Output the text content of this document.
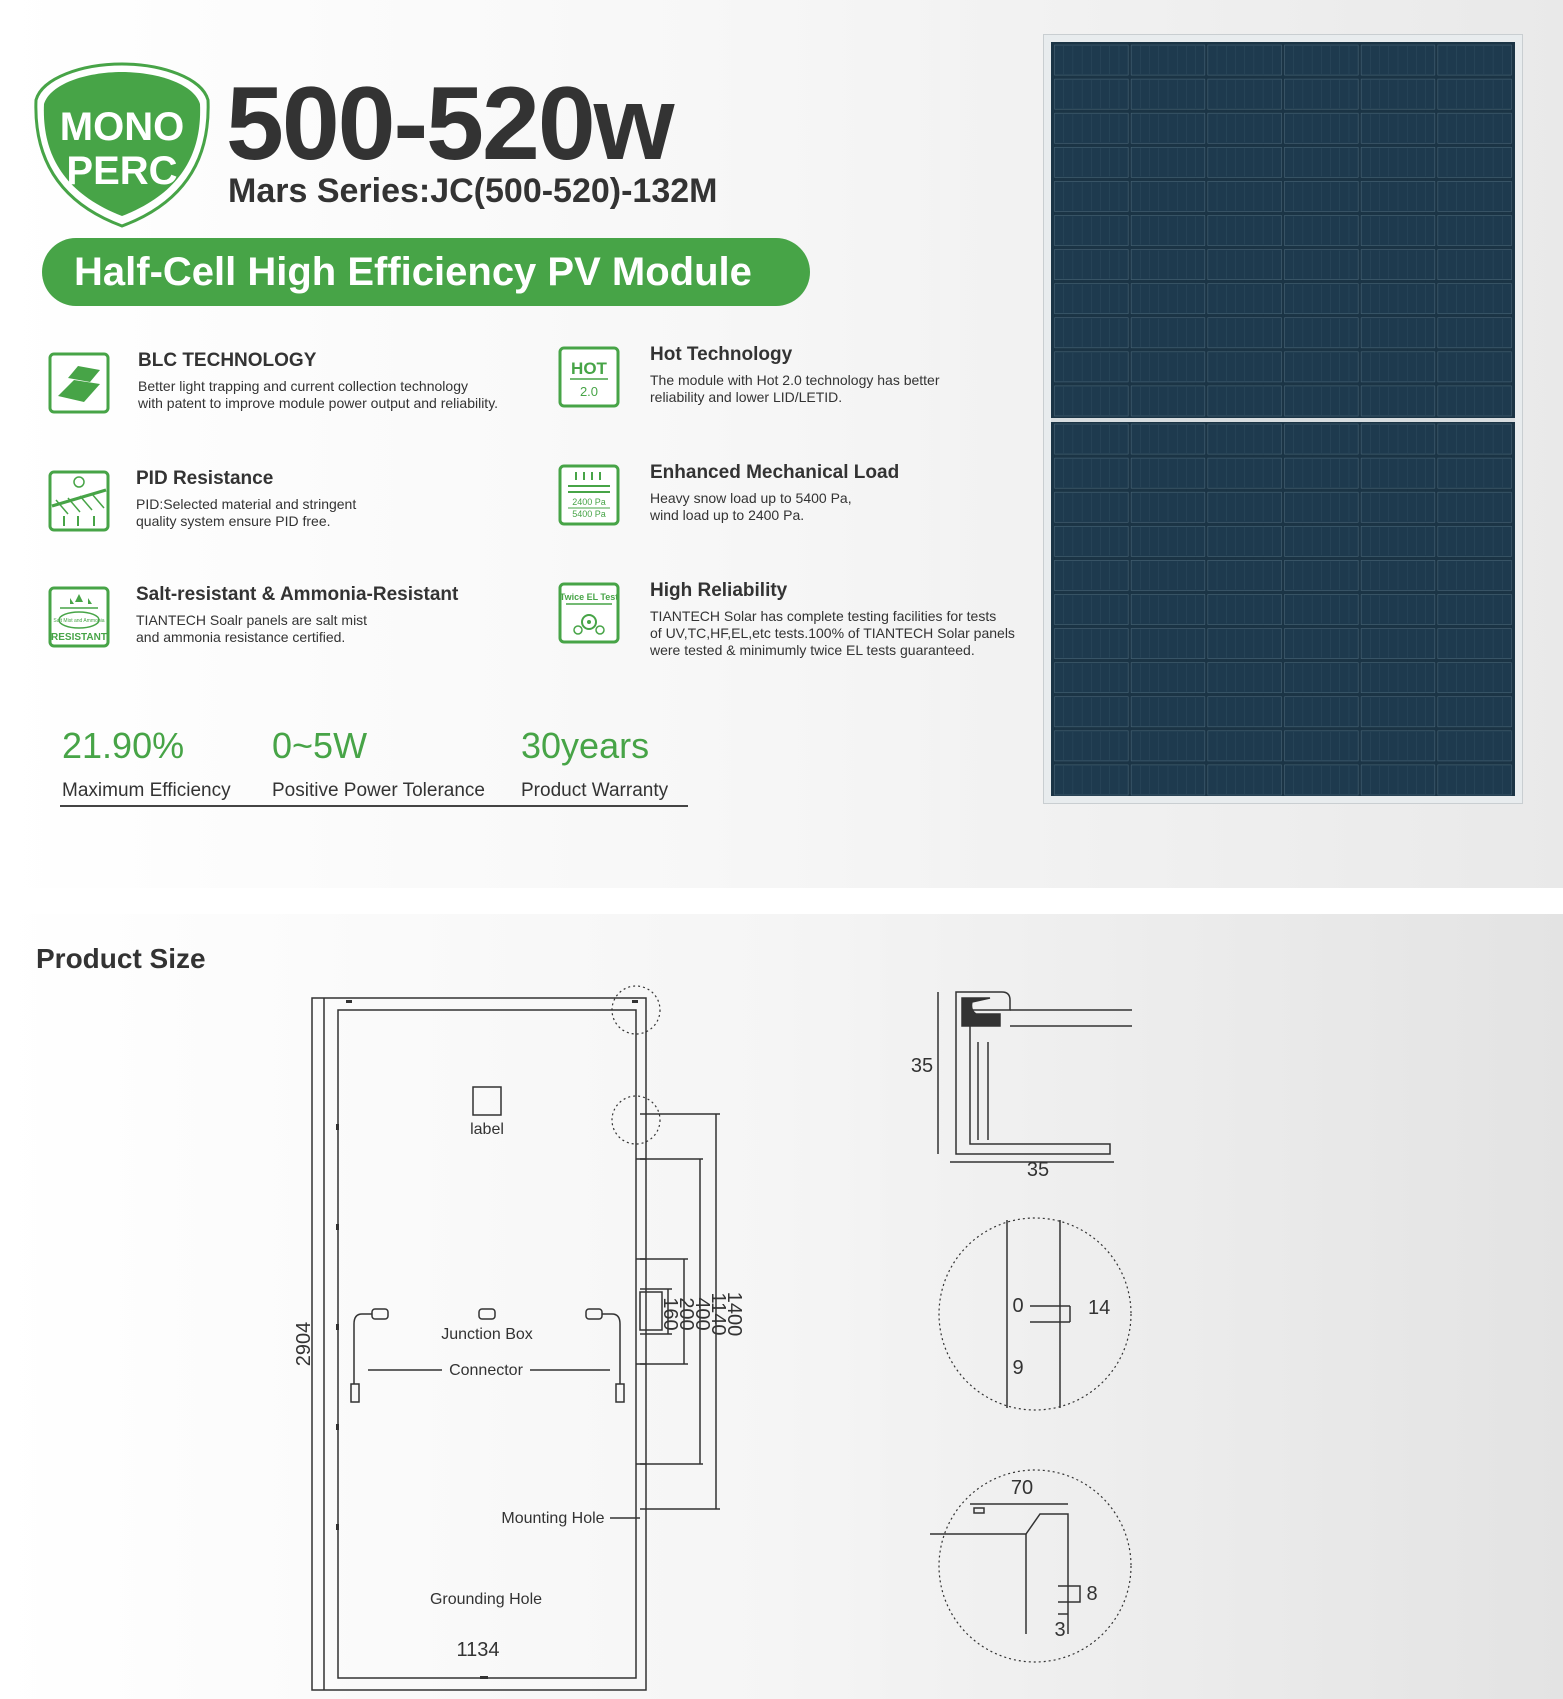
MONO
PERC 500-520w
Mars Series:JC(500-520)-132M
Half-Cell High Efficiency PV Module
BLC TECHNOLOGY
Better light trapping and current collection technology
with patent to improve module power output and reliability.
HOT
2.0
Hot Technology
The module with Hot 2.0 technology has better
reliability and lower LID/LETID.
PID Resistance
PID:Selected material and stringent
quality system ensure PID free.
2400 Pa
5400 Pa
Enhanced Mechanical Load
Heavy snow load up to 5400 Pa,
wind load up to 2400 Pa.
Salt Mist and Ammonia
RESISTANT
Salt-resistant & Ammonia-Resistant
TIANTECH Soalr panels are salt mist
and ammonia resistance certified.
Twice EL Test High Reliability
TIANTECH Solar has complete testing facilities for tests
of UV,TC,HF,EL,etc tests.100% of TIANTECH Solar panels
were tested & minimumly twice EL tests guaranteed.
21.90%
Maximum Efficiency
0~5W
Positive Power Tolerance
30years
Product Warranty
Product Size
label
Junction Box
Connector
Mounting Hole
Grounding Hole
1134
2904
160
200
400
1140
1400
35
35
0
9
14
70
8
3
